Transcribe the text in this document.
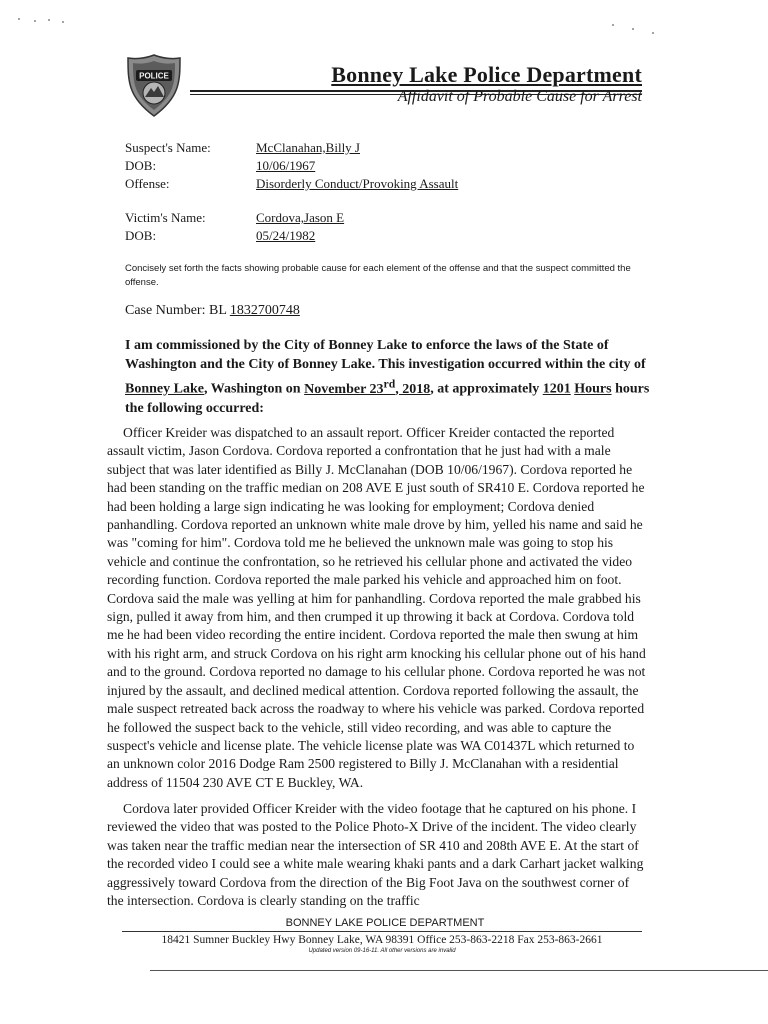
POLICE	Bonney Lake Police Department
Affidavit of Probable Cause for Arrest
Suspect's Name:	McClanahan,Billy J
DOB:	10/06/1967
Offense:	Disorderly Conduct/Provoking Assault
Victim's Name:	Cordova,Jason E
DOB:	05/24/1982
Concisely set forth the facts showing probable cause for each element of the offense and that the suspect committed the offense.
Case Number: BL 1832700748
I am commissioned by the City of Bonney Lake to enforce the laws of the State of Washington and the City of Bonney Lake. This investigation occurred within the city of Bonney Lake, Washington on November 23rd, 2018, at approximately 1201 Hours hours the following occurred:
Officer Kreider was dispatched to an assault report. Officer Kreider contacted the reported assault victim, Jason Cordova. Cordova reported a confrontation that he just had with a male subject that was later identified as Billy J. McClanahan (DOB 10/06/1967). Cordova reported he had been standing on the traffic median on 208 AVE E just south of SR410 E. Cordova reported he had been holding a large sign indicating he was looking for employment; Cordova denied panhandling. Cordova reported an unknown white male drove by him, yelled his name and said he was "coming for him". Cordova told me he believed the unknown male was going to stop his vehicle and continue the confrontation, so he retrieved his cellular phone and activated the video recording function. Cordova reported the male parked his vehicle and approached him on foot. Cordova said the male was yelling at him for panhandling. Cordova reported the male grabbed his sign, pulled it away from him, and then crumped it up throwing it back at Cordova. Cordova told me he had been video recording the entire incident. Cordova reported the male then swung at him with his right arm, and struck Cordova on his right arm knocking his cellular phone out of his hand and to the ground. Cordova reported no damage to his cellular phone. Cordova reported he was not injured by the assault, and declined medical attention. Cordova reported following the assault, the male suspect retreated back across the roadway to where his vehicle was parked. Cordova reported he followed the suspect back to the vehicle, still video recording, and was able to capture the suspect's vehicle and license plate. The vehicle license plate was WA C01437L which returned to an unknown color 2016 Dodge Ram 2500 registered to Billy J. McClanahan with a residential address of 11504 230 AVE CT E Buckley, WA.
Cordova later provided Officer Kreider with the video footage that he captured on his phone. I reviewed the video that was posted to the Police Photo-X Drive of the incident. The video clearly was taken near the traffic median near the intersection of SR 410 and 208th AVE E. At the start of the recorded video I could see a white male wearing khaki pants and a dark Carhart jacket walking aggressively toward Cordova from the direction of the Big Foot Java on the southwest corner of the intersection. Cordova is clearly standing on the traffic
BONNEY LAKE POLICE DEPARTMENT
18421 Sumner Buckley Hwy Bonney Lake, WA 98391 Office 253-863-2218 Fax 253-863-2661
Updated version 09-16-11. All other versions are invalid
